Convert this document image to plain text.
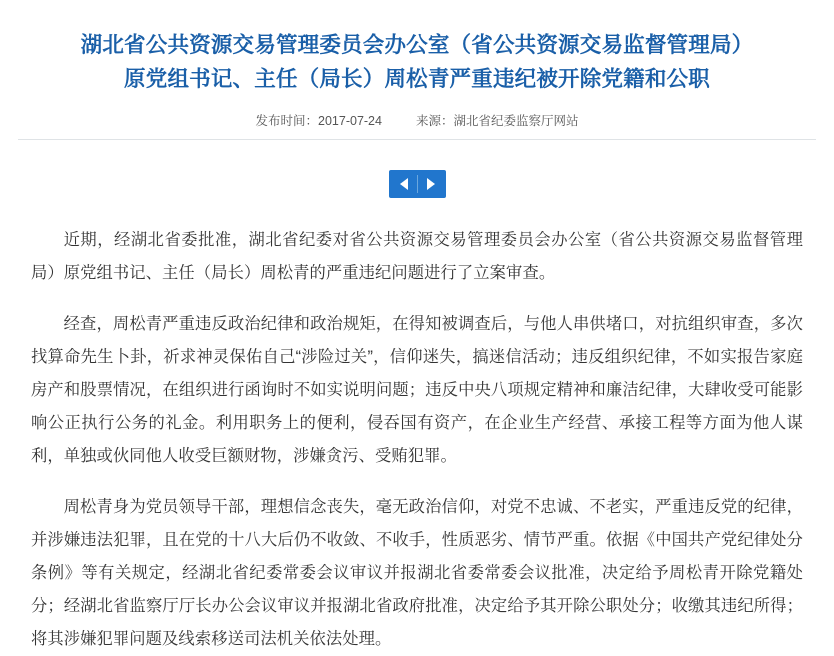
湖北省公共资源交易管理委员会办公室（省公共资源交易监督管理局）
原党组书记、主任（局长）周松青严重违纪被开除党籍和公职
发布时间：2017-07-24	来源：湖北省纪委监察厅网站

近期，经湖北省委批准，湖北省纪委对省公共资源交易管理委员会办公室（省公共资源交易监督管理局）原党组书记、主任（局长）周松青的严重违纪问题进行了立案审查。

经查，周松青严重违反政治纪律和政治规矩，在得知被调查后，与他人串供堵口，对抗组织审查，多次找算命先生卜卦，祈求神灵保佑自己“涉险过关”，信仰迷失，搞迷信活动；违反组织纪律，不如实报告家庭房产和股票情况，在组织进行函询时不如实说明问题；违反中央八项规定精神和廉洁纪律，大肆收受可能影响公正执行公务的礼金。利用职务上的便利，侵吞国有资产，在企业生产经营、承接工程等方面为他人谋利，单独或伙同他人收受巨额财物，涉嫌贪污、受贿犯罪。

周松青身为党员领导干部，理想信念丧失，毫无政治信仰，对党不忠诚、不老实，严重违反党的纪律，并涉嫌违法犯罪，且在党的十八大后仍不收敛、不收手，性质恶劣、情节严重。依据《中国共产党纪律处分条例》等有关规定，经湖北省纪委常委会议审议并报湖北省委常委会议批准，决定给予周松青开除党籍处分；经湖北省监察厅厅长办公会议审议并报湖北省政府批准，决定给予其开除公职处分；收缴其违纪所得；将其涉嫌犯罪问题及线索移送司法机关依法处理。
